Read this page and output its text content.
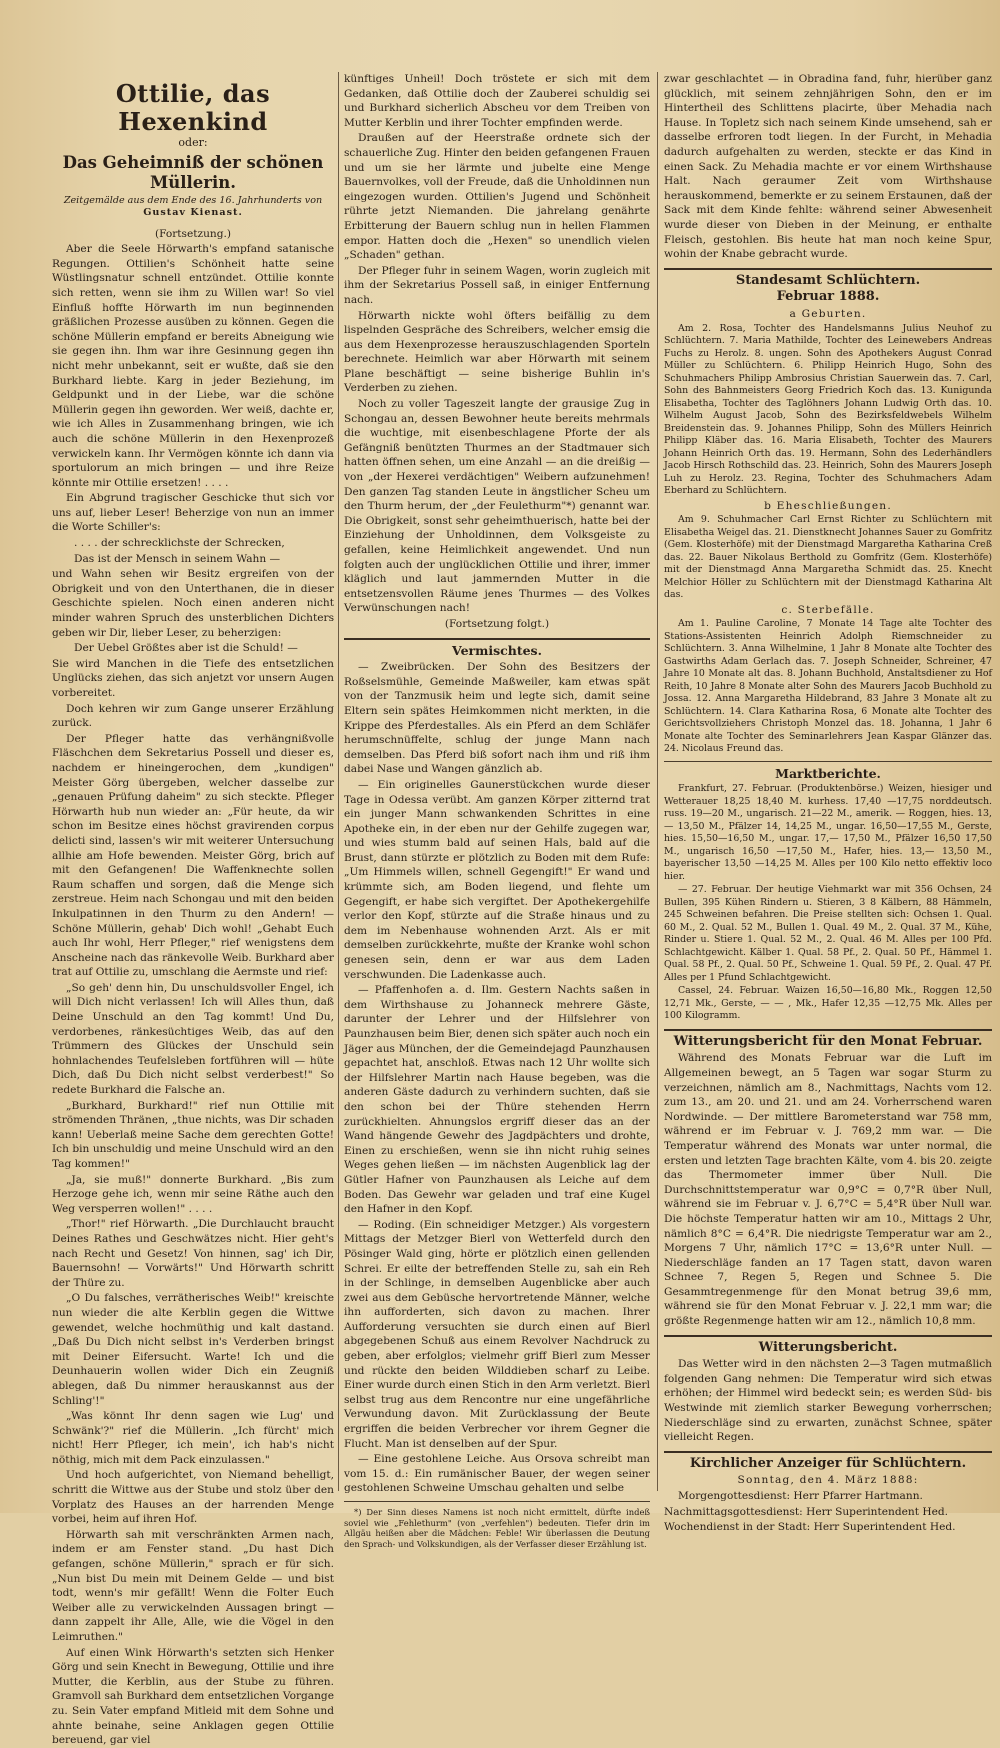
Ottilie, das Hexenkind
oder:
Das Geheimniß der schönen Müllerin.
Zeitgemälde aus dem Ende des 16. Jahrhunderts von
Gustav Kienast.

(Fortsetzung.)

Aber die Seele Hörwarth's empfand satanische Regungen. Ottilien's Schönheit hatte seine Wüstlingsnatur schnell entzündet. Ottilie konnte sich retten, wenn sie ihm zu Willen war! So viel Einfluß hoffte Hörwarth im nun beginnenden gräßlichen Prozesse ausüben zu können. Gegen die schöne Müllerin empfand er bereits Abneigung wie sie gegen ihn. Ihm war ihre Gesinnung gegen ihn nicht mehr unbekannt, seit er wußte, daß sie den Burkhard liebte. Karg in jeder Beziehung, im Geldpunkt und in der Liebe, war die schöne Müllerin gegen ihn geworden. Wer weiß, dachte er, wie ich Alles in Zusammenhang bringen, wie ich auch die schöne Müllerin in den Hexenprozeß verwickeln kann. Ihr Vermögen könnte ich dann via sportulorum an mich bringen — und ihre Reize könnte mir Ottilie ersetzen! . . . .

Ein Abgrund tragischer Geschicke thut sich vor uns auf, lieber Leser! Beherzige von nun an immer die Worte Schiller's:

. . . . der schrecklichste der Schrecken,

Das ist der Mensch in seinem Wahn —

und Wahn sehen wir Besitz ergreifen von der Obrigkeit und von den Unterthanen, die in dieser Geschichte spielen. Noch einen anderen nicht minder wahren Spruch des unsterblichen Dichters geben wir Dir, lieber Leser, zu beherzigen:

Der Uebel Größtes aber ist die Schuld! —

Sie wird Manchen in die Tiefe des entsetzlichen Unglücks ziehen, das sich anjetzt vor unsern Augen vorbereitet.

Doch kehren wir zum Gange unserer Erzählung zurück.

Der Pfleger hatte das verhängnißvolle Fläschchen dem Sekretarius Possell und dieser es, nachdem er hineingerochen, dem „kundigen" Meister Görg übergeben, welcher dasselbe zur „genauen Prüfung daheim" zu sich steckte. Pfleger Hörwarth hub nun wieder an: „Für heute, da wir schon im Besitze eines höchst gravirenden corpus delicti sind, lassen's wir mit weiterer Untersuchung allhie am Hofe bewenden. Meister Görg, brich auf mit den Gefangenen! Die Waffenknechte sollen Raum schaffen und sorgen, daß die Menge sich zerstreue. Heim nach Schongau und mit den beiden Inkulpatinnen in den Thurm zu den Andern! — Schöne Müllerin, gehab' Dich wohl! „Gehabt Euch auch Ihr wohl, Herr Pfleger," rief wenigstens dem Anscheine nach das ränkevolle Weib. Burkhard aber trat auf Ottilie zu, umschlang die Aermste und rief:

„So geh' denn hin, Du unschuldsvoller Engel, ich will Dich nicht verlassen! Ich will Alles thun, daß Deine Unschuld an den Tag kommt! Und Du, verdorbenes, ränkesüchtiges Weib, das auf den Trümmern des Glückes der Unschuld sein hohnlachendes Teufelsleben fortführen will — hüte Dich, daß Du Dich nicht selbst verderbest!" So redete Burkhard die Falsche an.

„Burkhard, Burkhard!" rief nun Ottilie mit strömenden Thränen, „thue nichts, was Dir schaden kann! Ueberlaß meine Sache dem gerechten Gotte! Ich bin unschuldig und meine Unschuld wird an den Tag kommen!"

„Ja, sie muß!" donnerte Burkhard. „Bis zum Herzoge gehe ich, wenn mir seine Räthe auch den Weg versperren wollen!" . . . .

„Thor!" rief Hörwarth. „Die Durchlaucht braucht Deines Rathes und Geschwätzes nicht. Hier geht's nach Recht und Gesetz! Von hinnen, sag' ich Dir, Bauernsohn! — Vorwärts!" Und Hörwarth schritt der Thüre zu.

„O Du falsches, verrätherisches Weib!" kreischte nun wieder die alte Kerblin gegen die Wittwe gewendet, welche hochmüthig und kalt dastand. „Daß Du Dich nicht selbst in's Verderben bringst mit Deiner Eifersucht. Warte! Ich und die Deunhauerin wollen wider Dich ein Zeugniß ablegen, daß Du nimmer herauskannst aus der Schling'!"

„Was könnt Ihr denn sagen wie Lug' und Schwänk'?" rief die Müllerin. „Ich fürcht' mich nicht! Herr Pfleger, ich mein', ich hab's nicht nöthig, mich mit dem Pack einzulassen."

Und hoch aufgerichtet, von Niemand behelligt, schritt die Wittwe aus der Stube und stolz über den Vorplatz des Hauses an der harrenden Menge vorbei, heim auf ihren Hof.

Hörwarth sah mit verschränkten Armen nach, indem er am Fenster stand. „Du hast Dich gefangen, schöne Müllerin," sprach er für sich. „Nun bist Du mein mit Deinem Gelde — und bist todt, wenn's mir gefällt! Wenn die Folter Euch Weiber alle zu verwickelnden Aussagen bringt — dann zappelt ihr Alle, Alle, wie die Vögel in den Leimruthen."

Auf einen Wink Hörwarth's setzten sich Henker Görg und sein Knecht in Bewegung, Ottilie und ihre Mutter, die Kerblin, aus der Stube zu führen. Gramvoll sah Burkhard dem entsetzlichen Vorgange zu. Sein Vater empfand Mitleid mit dem Sohne und ahnte beinahe, seine Anklagen gegen Ottilie bereuend, gar viel

künftiges Unheil! Doch tröstete er sich mit dem Gedanken, daß Ottilie doch der Zauberei schuldig sei und Burkhard sicherlich Abscheu vor dem Treiben von Mutter Kerblin und ihrer Tochter empfinden werde.

Draußen auf der Heerstraße ordnete sich der schauerliche Zug. Hinter den beiden gefangenen Frauen und um sie her lärmte und jubelte eine Menge Bauernvolkes, voll der Freude, daß die Unholdinnen nun eingezogen wurden. Ottilien's Jugend und Schönheit rührte jetzt Niemanden. Die jahrelang genährte Erbitterung der Bauern schlug nun in hellen Flammen empor. Hatten doch die „Hexen" so unendlich vielen „Schaden" gethan.

Der Pfleger fuhr in seinem Wagen, worin zugleich mit ihm der Sekretarius Possell saß, in einiger Entfernung nach.

Hörwarth nickte wohl öfters beifällig zu dem lispelnden Gespräche des Schreibers, welcher emsig die aus dem Hexenprozesse herauszuschlagenden Sporteln berechnete. Heimlich war aber Hörwarth mit seinem Plane beschäftigt — seine bisherige Buhlin in's Verderben zu ziehen.

Noch zu voller Tageszeit langte der grausige Zug in Schongau an, dessen Bewohner heute bereits mehrmals die wuchtige, mit eisenbeschlagene Pforte der als Gefängniß benützten Thurmes an der Stadtmauer sich hatten öffnen sehen, um eine Anzahl — an die dreißig — von „der Hexerei verdächtigen" Weibern aufzunehmen! Den ganzen Tag standen Leute in ängstlicher Scheu um den Thurm herum, der „der Feulethurm"*) genannt war. Die Obrigkeit, sonst sehr geheimthuerisch, hatte bei der Einziehung der Unholdinnen, dem Volksgeiste zu gefallen, keine Heimlichkeit angewendet. Und nun folgten auch der unglücklichen Ottilie und ihrer, immer kläglich und laut jammernden Mutter in die entsetzensvollen Räume jenes Thurmes — des Volkes Verwünschungen nach!

(Fortsetzung folgt.)

Vermischtes.

— Zweibrücken. Der Sohn des Besitzers der Roßselsmühle, Gemeinde Maßweiler, kam etwas spät von der Tanzmusik heim und legte sich, damit seine Eltern sein spätes Heimkommen nicht merkten, in die Krippe des Pferdestalles. Als ein Pferd an dem Schläfer herumschnüffelte, schlug der junge Mann nach demselben. Das Pferd biß sofort nach ihm und riß ihm dabei Nase und Wangen gänzlich ab.

— Ein originelles Gaunerstückchen wurde dieser Tage in Odessa verübt. Am ganzen Körper zitternd trat ein junger Mann schwankenden Schrittes in eine Apotheke ein, in der eben nur der Gehilfe zugegen war, und wies stumm bald auf seinen Hals, bald auf die Brust, dann stürzte er plötzlich zu Boden mit dem Rufe: „Um Himmels willen, schnell Gegengift!" Er wand und krümmte sich, am Boden liegend, und flehte um Gegengift, er habe sich vergiftet. Der Apothekergehilfe verlor den Kopf, stürzte auf die Straße hinaus und zu dem im Nebenhause wohnenden Arzt. Als er mit demselben zurückkehrte, mußte der Kranke wohl schon genesen sein, denn er war aus dem Laden verschwunden. Die Ladenkasse auch.

— Pfaffenhofen a. d. Ilm. Gestern Nachts saßen in dem Wirthshause zu Johanneck mehrere Gäste, darunter der Lehrer und der Hilfslehrer von Paunzhausen beim Bier, denen sich später auch noch ein Jäger aus München, der die Gemeindejagd Paunzhausen gepachtet hat, anschloß. Etwas nach 12 Uhr wollte sich der Hilfslehrer Martin nach Hause begeben, was die anderen Gäste dadurch zu verhindern suchten, daß sie den schon bei der Thüre stehenden Herrn zurückhielten. Ahnungslos ergriff dieser das an der Wand hängende Gewehr des Jagdpächters und drohte, Einen zu erschießen, wenn sie ihn nicht ruhig seines Weges gehen ließen — im nächsten Augenblick lag der Gütler Hafner von Paunzhausen als Leiche auf dem Boden. Das Gewehr war geladen und traf eine Kugel den Hafner in den Kopf.

— Roding. (Ein schneidiger Metzger.) Als vorgestern Mittags der Metzger Bierl von Wetterfeld durch den Pösinger Wald ging, hörte er plötzlich einen gellenden Schrei. Er eilte der betreffenden Stelle zu, sah ein Reh in der Schlinge, in demselben Augenblicke aber auch zwei aus dem Gebüsche hervortretende Männer, welche ihn aufforderten, sich davon zu machen. Ihrer Aufforderung versuchten sie durch einen auf Bierl abgegebenen Schuß aus einem Revolver Nachdruck zu geben, aber erfolglos; vielmehr griff Bierl zum Messer und rückte den beiden Wilddieben scharf zu Leibe. Einer wurde durch einen Stich in den Arm verletzt. Bierl selbst trug aus dem Rencontre nur eine ungefährliche Verwundung davon. Mit Zurücklassung der Beute ergriffen die beiden Verbrecher vor ihrem Gegner die Flucht. Man ist denselben auf der Spur.

— Eine gestohlene Leiche. Aus Orsova schreibt man vom 15. d.: Ein rumänischer Bauer, der wegen seiner gestohlenen Schweine Umschau gehalten und selbe

*) Der Sinn dieses Namens ist noch nicht ermittelt, dürfte indeß soviel wie „Fehlethurm" (von „verfehlen") bedeuten. Tiefer drin im Allgäu heißen aber die Mädchen: Feble! Wir überlassen die Deutung den Sprach- und Volkskundigen, als der Verfasser dieser Erzählung ist.

zwar geschlachtet — in Obradina fand, fuhr, hierüber ganz glücklich, mit seinem zehnjährigen Sohn, den er im Hintertheil des Schlittens placirte, über Mehadia nach Hause. In Topletz sich nach seinem Kinde umsehend, sah er dasselbe erfroren todt liegen. In der Furcht, in Mehadia dadurch aufgehalten zu werden, steckte er das Kind in einen Sack. Zu Mehadia machte er vor einem Wirthshause Halt. Nach geraumer Zeit vom Wirthshause herauskommend, bemerkte er zu seinem Erstaunen, daß der Sack mit dem Kinde fehlte: während seiner Abwesenheit wurde dieser von Dieben in der Meinung, er enthalte Fleisch, gestohlen. Bis heute hat man noch keine Spur, wohin der Knabe gebracht wurde.

Standesamt Schlüchtern.

Februar 1888.

a Geburten.

Am 2. Rosa, Tochter des Handelsmanns Julius Neuhof zu Schlüchtern. 7. Maria Mathilde, Tochter des Leinewebers Andreas Fuchs zu Herolz. 8. ungen. Sohn des Apothekers August Conrad Müller zu Schlüchtern. 6. Philipp Heinrich Hugo, Sohn des Schuhmachers Philipp Ambrosius Christian Sauerwein das. 7. Carl, Sohn des Bahnmeisters Georg Friedrich Koch das. 13. Kunigunda Elisabetha, Tochter des Taglöhners Johann Ludwig Orth das. 10. Wilhelm August Jacob, Sohn des Bezirksfeldwebels Wilhelm Breidenstein das. 9. Johannes Philipp, Sohn des Müllers Heinrich Philipp Kläber das. 16. Maria Elisabeth, Tochter des Maurers Johann Heinrich Orth das. 19. Hermann, Sohn des Lederhändlers Jacob Hirsch Rothschild das. 23. Heinrich, Sohn des Maurers Joseph Luh zu Herolz. 23. Regina, Tochter des Schuhmachers Adam Eberhard zu Schlüchtern.

b Eheschließungen.

Am 9. Schuhmacher Carl Ernst Richter zu Schlüchtern mit Elisabetha Weigel das. 21. Dienstknecht Johannes Sauer zu Gomfritz (Gem. Klosterhöfe) mit der Dienstmagd Margaretha Katharina Creß das. 22. Bauer Nikolaus Berthold zu Gomfritz (Gem. Klosterhöfe) mit der Dienstmagd Anna Margaretha Schmidt das. 25. Knecht Melchior Höller zu Schlüchtern mit der Dienstmagd Katharina Alt das.

c. Sterbefälle.

Am 1. Pauline Caroline, 7 Monate 14 Tage alte Tochter des Stations-Assistenten Heinrich Adolph Riemschneider zu Schlüchtern. 3. Anna Wilhelmine, 1 Jahr 8 Monate alte Tochter des Gastwirths Adam Gerlach das. 7. Joseph Schneider, Schreiner, 47 Jahre 10 Monate alt das. 8. Johann Buchhold, Anstaltsdiener zu Hof Reith, 10 Jahre 8 Monate alter Sohn des Maurers Jacob Buchhold zu Jossa. 12. Anna Margaretha Hildebrand, 83 Jahre 3 Monate alt zu Schlüchtern. 14. Clara Katharina Rosa, 6 Monate alte Tochter des Gerichtsvollziehers Christoph Monzel das. 18. Johanna, 1 Jahr 6 Monate alte Tochter des Seminarlehrers Jean Kaspar Glänzer das. 24. Nicolaus Freund das.

Marktberichte.

Frankfurt, 27. Februar. (Produktenbörse.) Weizen, hiesiger und Wetterauer 18,25 18,40 M. kurhess. 17,40 —17,75 norddeutsch. russ. 19—20 M., ungarisch. 21—22 M., amerik. — Roggen, hies. 13,— 13,50 M., Pfälzer 14, 14,25 M., ungar. 16,50—17,55 M., Gerste, hies. 15,50—16,50 M., ungar. 17,— 17,50 M., Pfälzer 16,50 17,50 M., ungarisch 16,50 —17,50 M., Hafer, hies. 13,— 13,50 M., bayerischer 13,50 —14,25 M. Alles per 100 Kilo netto effektiv loco hier.

— 27. Februar. Der heutige Viehmarkt war mit 356 Ochsen, 24 Bullen, 395 Kühen Rindern u. Stieren, 3 8 Kälbern, 88 Hämmeln, 245 Schweinen befahren. Die Preise stellten sich: Ochsen 1. Qual. 60 M., 2. Qual. 52 M., Bullen 1. Qual. 49 M., 2. Qual. 37 M., Kühe, Rinder u. Stiere 1. Qual. 52 M., 2. Qual. 46 M. Alles per 100 Pfd. Schlachtgewicht. Kälber 1. Qual. 58 Pf., 2. Qual. 50 Pf., Hämmel 1. Qual. 58 Pf., 2. Qual. 50 Pf., Schweine 1. Qual. 59 Pf., 2. Qual. 47 Pf. Alles per 1 Pfund Schlachtgewicht.

Cassel, 24. Februar. Waizen 16,50—16,80 Mk., Roggen 12,50 12,71 Mk., Gerste, — — , Mk., Hafer 12,35 —12,75 Mk. Alles per 100 Kilogramm.

Witterungsbericht für den Monat Februar.

Während des Monats Februar war die Luft im Allgemeinen bewegt, an 5 Tagen war sogar Sturm zu verzeichnen, nämlich am 8., Nachmittags, Nachts vom 12. zum 13., am 20. und 21. und am 24. Vorherrschend waren Nordwinde. — Der mittlere Barometerstand war 758 mm, während er im Februar v. J. 769,2 mm war. — Die Temperatur während des Monats war unter normal, die ersten und letzten Tage brachten Kälte, vom 4. bis 20. zeigte das Thermometer immer über Null. Die Durchschnittstemperatur war 0,9°C = 0,7°R über Null, während sie im Februar v. J. 6,7°C = 5,4°R über Null war. Die höchste Temperatur hatten wir am 10., Mittags 2 Uhr, nämlich 8°C = 6,4°R. Die niedrigste Temperatur war am 2., Morgens 7 Uhr, nämlich 17°C = 13,6°R unter Null. — Niederschläge fanden an 17 Tagen statt, davon waren Schnee 7, Regen 5, Regen und Schnee 5. Die Gesammtregenmenge für den Monat betrug 39,6 mm, während sie für den Monat Februar v. J. 22,1 mm war; die größte Regenmenge hatten wir am 12., nämlich 10,8 mm.

Witterungsbericht.

Das Wetter wird in den nächsten 2—3 Tagen mutmaßlich folgenden Gang nehmen: Die Temperatur wird sich etwas erhöhen; der Himmel wird bedeckt sein; es werden Süd- bis Westwinde mit ziemlich starker Bewegung vorherrschen; Niederschläge sind zu erwarten, zunächst Schnee, später vielleicht Regen.

Kirchlicher Anzeiger für Schlüchtern.

Sonntag, den 4. März 1888:

Morgengottesdienst: Herr Pfarrer Hartmann.

Nachmittagsgottesdienst: Herr Superintendent Hed.

Wochendienst in der Stadt: Herr Superintendent Hed.
